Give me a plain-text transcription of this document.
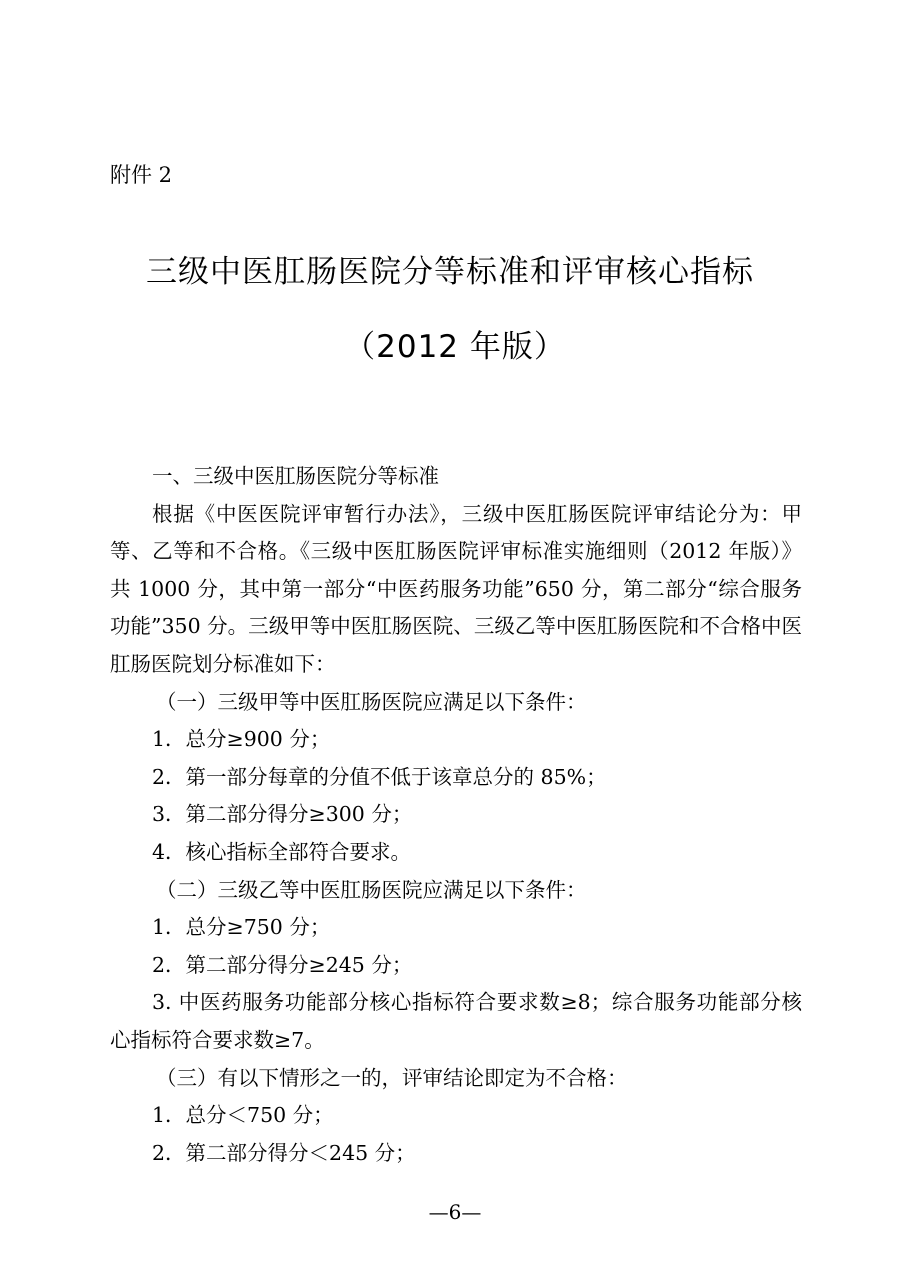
附件 2
三级中医肛肠医院分等标准和评审核心指标
（2012 年版）

一、三级中医肛肠医院分等标准

根据《中医医院评审暂行办法》，三级中医肛肠医院评审结论分为：甲等、乙等和不合格。《三级中医肛肠医院评审标准实施细则（2012 年版）》共 1000 分，其中第一部分“中医药服务功能”650 分，第二部分“综合服务功能”350 分。三级甲等中医肛肠医院、三级乙等中医肛肠医院和不合格中医肛肠医院划分标准如下：

（一）三级甲等中医肛肠医院应满足以下条件：

1．总分≥900 分；

2．第一部分每章的分值不低于该章总分的 85%；

3．第二部分得分≥300 分；

4．核心指标全部符合要求。

（二）三级乙等中医肛肠医院应满足以下条件：

1．总分≥750 分；

2．第二部分得分≥245 分；

3. 中医药服务功能部分核心指标符合要求数≥8；综合服务功能部分核心指标符合要求数≥7。

（三）有以下情形之一的，评审结论即定为不合格：

1．总分＜750 分；

2．第二部分得分＜245 分；

—6—
